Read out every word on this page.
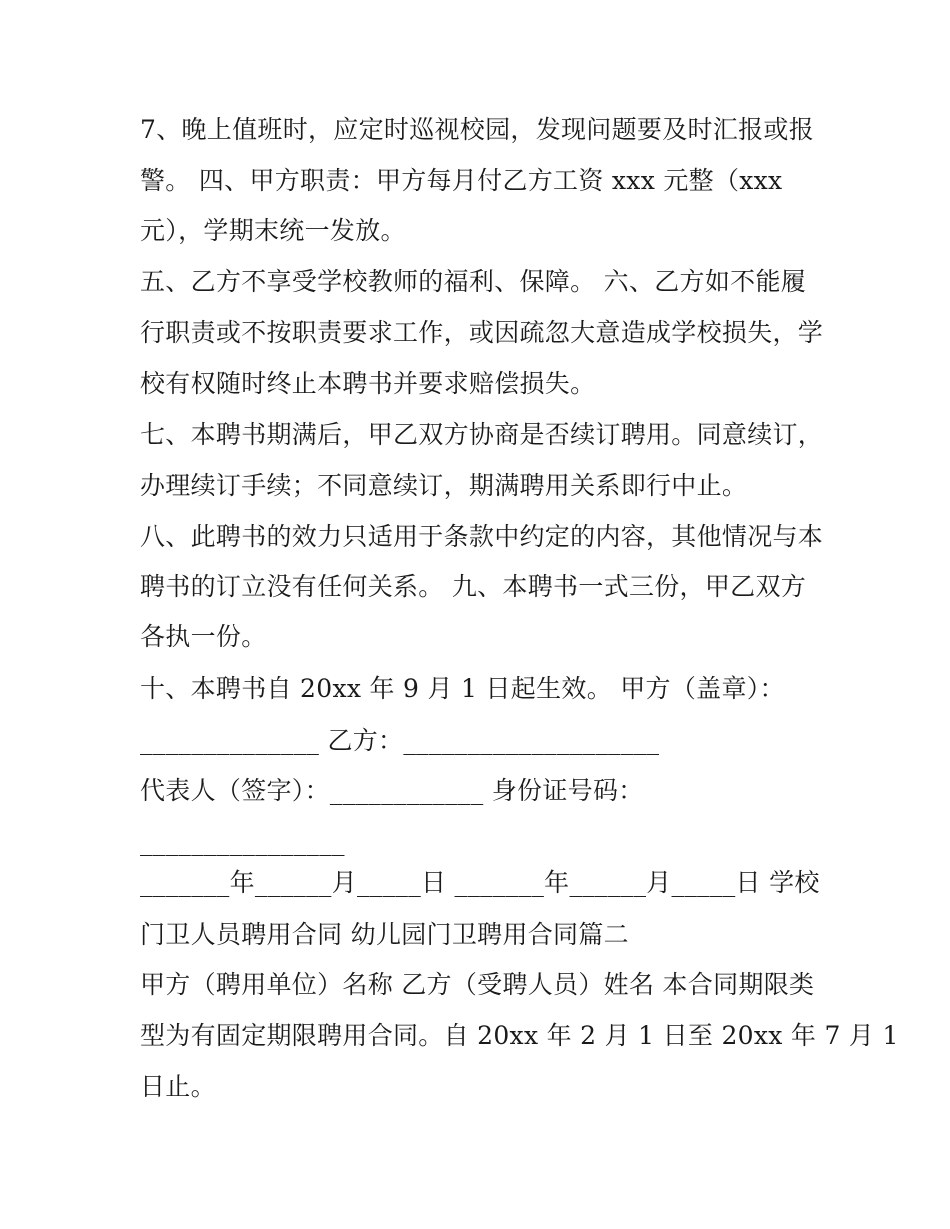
7、晚上值班时，应定时巡视校园，发现问题要及时汇报或报
警。 四、甲方职责：甲方每月付乙方工资 xxx 元整（xxx
元），学期末统一发放。
五、乙方不享受学校教师的福利、保障。 六、乙方如不能履
行职责或不按职责要求工作，或因疏忽大意造成学校损失，学
校有权随时终止本聘书并要求赔偿损失。
七、本聘书期满后，甲乙双方协商是否续订聘用。同意续订，
办理续订手续；不同意续订，期满聘用关系即行中止。
八、此聘书的效力只适用于条款中约定的内容，其他情况与本
聘书的订立没有任何关系。 九、本聘书一式三份，甲乙双方
各执一份。
十、本聘书自 20xx 年 9 月 1 日起生效。 甲方（盖章）：
______________ 乙方：____________________
代表人（签字）：____________ 身份证号码：
________________
_______年______月_____日 _______年______月_____日 学校
门卫人员聘用合同 幼儿园门卫聘用合同篇二
甲方（聘用单位）名称 乙方（受聘人员）姓名 本合同期限类
型为有固定期限聘用合同。自 20xx 年 2 月 1 日至 20xx 年 7 月 1
日止。
